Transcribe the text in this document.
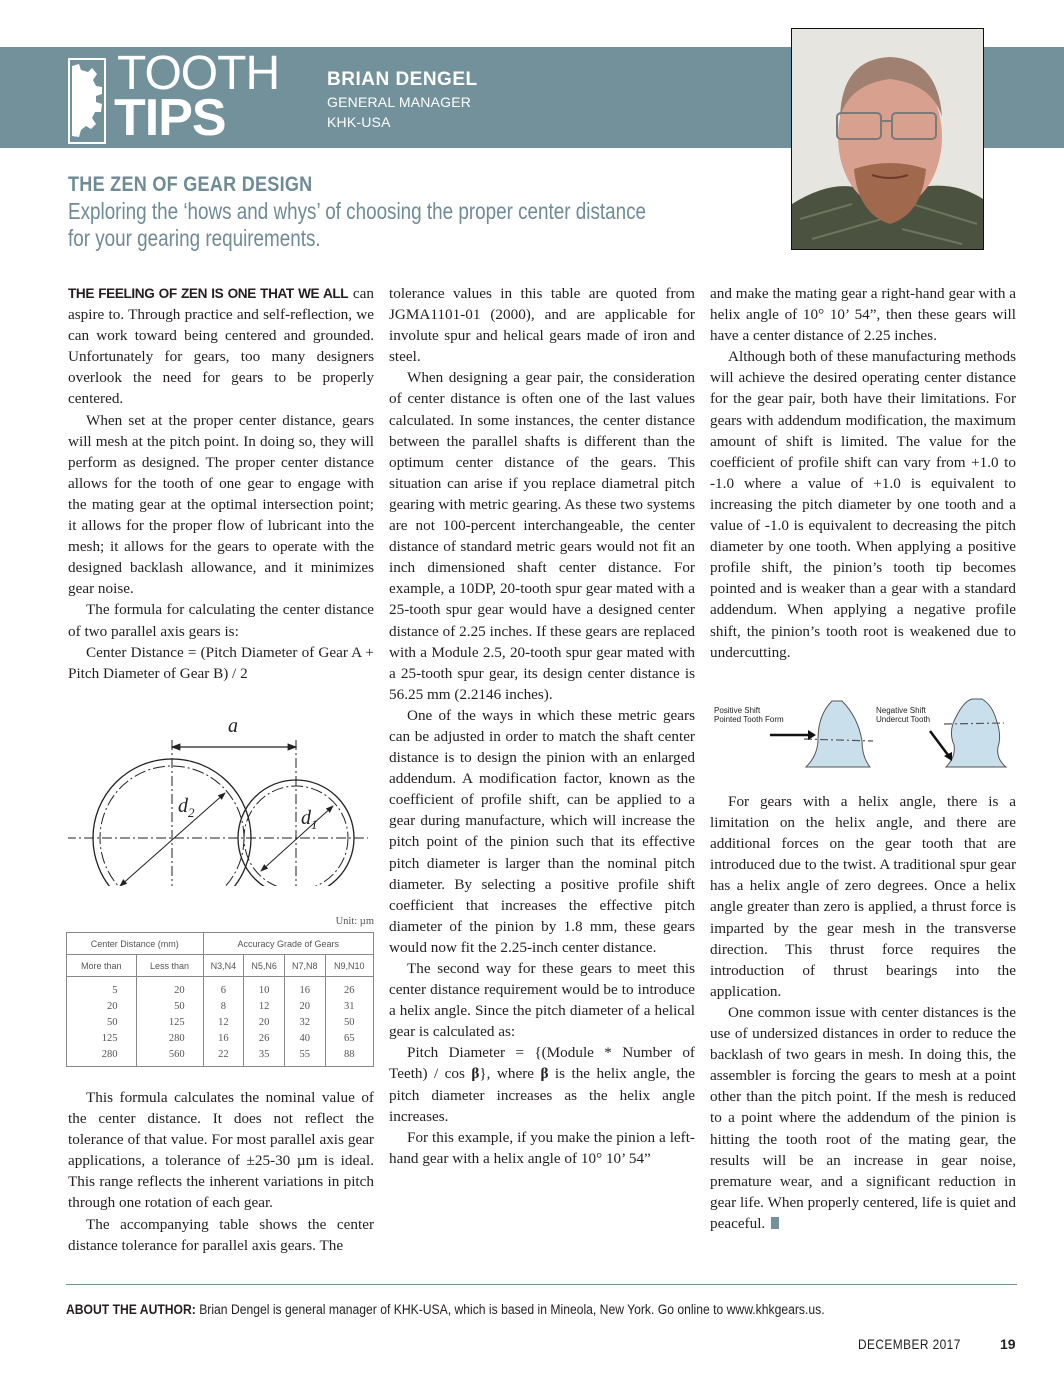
TOOTH
TIPS
BRIAN DENGEL
GENERAL MANAGER
KHK-USA
THE ZEN OF GEAR DESIGN
Exploring the ‘hows and whys’ of choosing the proper center distance
for your gearing requirements.

THE FEELING OF ZEN IS ONE THAT WE ALL can aspire to. Through practice and self-reflection, we can work toward being centered and grounded. Unfortunately for gears, too many designers overlook the need for gears to be properly centered.

When set at the proper center distance, gears will mesh at the pitch point. In doing so, they will perform as designed. The proper center distance allows for the tooth of one gear to engage with the mating gear at the optimal intersection point; it allows for the proper flow of lubricant into the mesh; it allows for the gears to operate with the designed backlash allowance, and it minimizes gear noise.

The formula for calculating the center distance of two parallel axis gears is:

Center Distance = (Pitch Diameter of Gear A + Pitch Diameter of Gear B) / 2

a
$d_2$	$d_1$
Unit: µm
Center Distance (mm)		Accuracy Grade of Gears			
More than	Less than	N3,N4	N5,N6	N7,N8	N9,N10
5	20	6	10	16	26
20	50	8	12	20	31
50	125	12	20	32	50
125	280	16	26	40	65
280	560	22	35	55	88

This formula calculates the nominal value of the center distance. It does not reflect the tolerance of that value. For most parallel axis gear applications, a tolerance of ±25-30 µm is ideal. This range reflects the inherent variations in pitch through one rotation of each gear.

The accompanying table shows the center distance tolerance for parallel axis gears. The

tolerance values in this table are quoted from JGMA1101-01 (2000), and are applicable for involute spur and helical gears made of iron and steel.

When designing a gear pair, the consideration of center distance is often one of the last values calculated. In some instances, the center distance between the parallel shafts is different than the optimum center distance of the gears. This situation can arise if you replace diametral pitch gearing with metric gearing. As these two systems are not 100-percent interchangeable, the center distance of standard metric gears would not fit an inch dimensioned shaft center distance. For example, a 10DP, 20-tooth spur gear mated with a 25-tooth spur gear would have a designed center distance of 2.25 inches. If these gears are replaced with a Module 2.5, 20-tooth spur gear mated with a 25-tooth spur gear, its design center distance is 56.25 mm (2.2146 inches).

One of the ways in which these metric gears can be adjusted in order to match the shaft center distance is to design the pinion with an enlarged addendum. A modification factor, known as the coefficient of profile shift, can be applied to a gear during manufacture, which will increase the pitch point of the pinion such that its effective pitch diameter is larger than the nominal pitch diameter. By selecting a positive profile shift coefficient that increases the effective pitch diameter of the pinion by 1.8 mm, these gears would now fit the 2.25-inch center distance.

The second way for these gears to meet this center distance requirement would be to introduce a helix angle. Since the pitch diameter of a helical gear is calculated as:

Pitch Diameter = {(Module * Number of Teeth) / cos β}, where β is the helix angle, the pitch diameter increases as the helix angle increases.

For this example, if you make the pinion a left-hand gear with a helix angle of 10° 10’ 54”

and make the mating gear a right-hand gear with a helix angle of 10° 10’ 54”, then these gears will have a center distance of 2.25 inches.

Although both of these manufacturing methods will achieve the desired operating center distance for the gear pair, both have their limitations. For gears with addendum modification, the maximum amount of shift is limited. The value for the coefficient of profile shift can vary from +1.0 to -1.0 where a value of +1.0 is equivalent to increasing the pitch diameter by one tooth and a value of -1.0 is equivalent to decreasing the pitch diameter by one tooth. When applying a positive profile shift, the pinion’s tooth tip becomes pointed and is weaker than a gear with a standard addendum. When applying a negative profile shift, the pinion’s tooth root is weakened due to undercutting.

Positive Shift
Pointed Tooth Form
Negative Shift
Undercut Tooth

For gears with a helix angle, there is a limitation on the helix angle, and there are additional forces on the gear tooth that are introduced due to the twist. A traditional spur gear has a helix angle of zero degrees. Once a helix angle greater than zero is applied, a thrust force is imparted by the gear mesh in the transverse direction. This thrust force requires the introduction of thrust bearings into the application.

One common issue with center distances is the use of undersized distances in order to reduce the backlash of two gears in mesh. In doing this, the assembler is forcing the gears to mesh at a point other than the pitch point. If the mesh is reduced to a point where the addendum of the pinion is hitting the tooth root of the mating gear, the results will be an increase in gear noise, premature wear, and a significant reduction in gear life. When properly centered, life is quiet and peaceful.

ABOUT THE AUTHOR: Brian Dengel is general manager of KHK-USA, which is based in Mineola, New York. Go online to www.khkgears.us.
DECEMBER 2017	19
